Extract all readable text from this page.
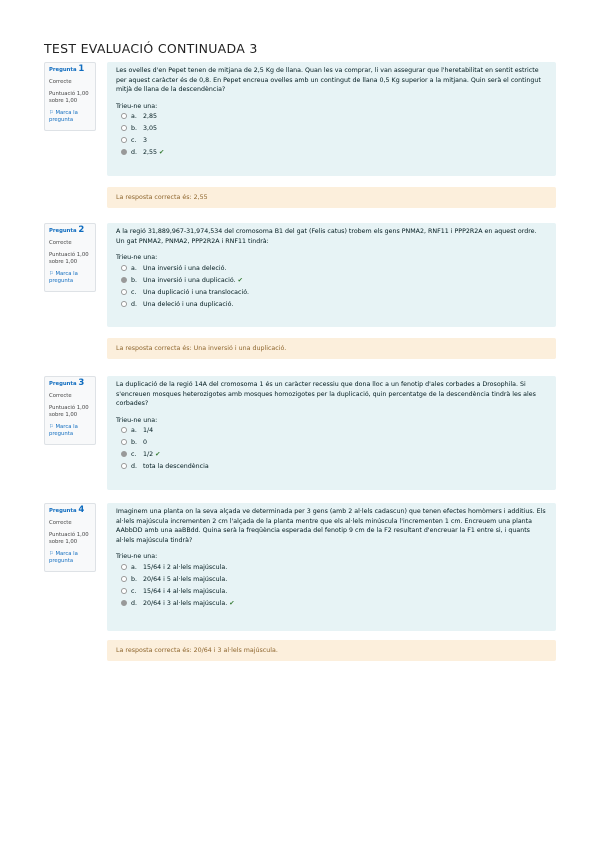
TEST EVALUACIÓ CONTINUADA 3
Pregunta 1
Correcte
Puntuació 1,00 sobre 1,00
⚐ Marca la pregunta

Les ovelles d'en Pepet tenen de mitjana de 2,5 Kg de llana. Quan les va comprar, li van assegurar que l'heretabilitat en sentit estricte per aquest caràcter és de 0,8. En Pepet encreua ovelles amb un contingut de llana 0,5 Kg superior a la mitjana. Quin serà el contingut mitjà de llana de la descendència?

Trieu-ne una:
a. 2,85
b. 3,05
c. 3
d. 2,55 ✔
La resposta correcta és: 2,55
Pregunta 2
Correcte
Puntuació 1,00 sobre 1,00
⚐ Marca la pregunta

A la regió 31,889,967-31,974,534 del cromosoma B1 del gat (Felis catus) trobem els gens PNMA2, RNF11 i PPP2R2A en aquest ordre. Un gat PNMA2, PNMA2, PPP2R2A i RNF11 tindrà:

Trieu-ne una:
a. Una inversió i una deleció.
b. Una inversió i una duplicació. ✔
c. Una duplicació i una translocació.
d. Una deleció i una duplicació.
La resposta correcta és: Una inversió i una duplicació.
Pregunta 3
Correcte
Puntuació 1,00 sobre 1,00
⚐ Marca la pregunta

La duplicació de la regió 14A del cromosoma 1 és un caràcter recessiu que dona lloc a un fenotip d'ales corbades a Drosophila. Si s'encreuen mosques heterozigotes amb mosques homozigotes per la duplicació, quin percentatge de la descendència tindrà les ales corbades?

Trieu-ne una:
a. 1/4
b. 0
c. 1/2 ✔
d. tota la descendència
Pregunta 4
Correcte
Puntuació 1,00 sobre 1,00
⚐ Marca la pregunta

Imaginem una planta on la seva alçada ve determinada per 3 gens (amb 2 al·lels cadascun) que tenen efectes homòmers i additius. Els al·lels majúscula incrementen 2 cm l'alçada de la planta mentre que els al·lels minúscula l'incrementen 1 cm. Encreuem una planta AAbbDD amb una aaBBdd. Quina serà la freqüència esperada del fenotip 9 cm de la F2 resultant d'encreuar la F1 entre si, i quants al·lels majúscula tindrà?

Trieu-ne una:
a. 15/64 i 2 al·lels majúscula.
b. 20/64 i 5 al·lels majúscula.
c. 15/64 i 4 al·lels majúscula.
d. 20/64 i 3 al·lels majúscula. ✔
La resposta correcta és: 20/64 i 3 al·lels majúscula.
